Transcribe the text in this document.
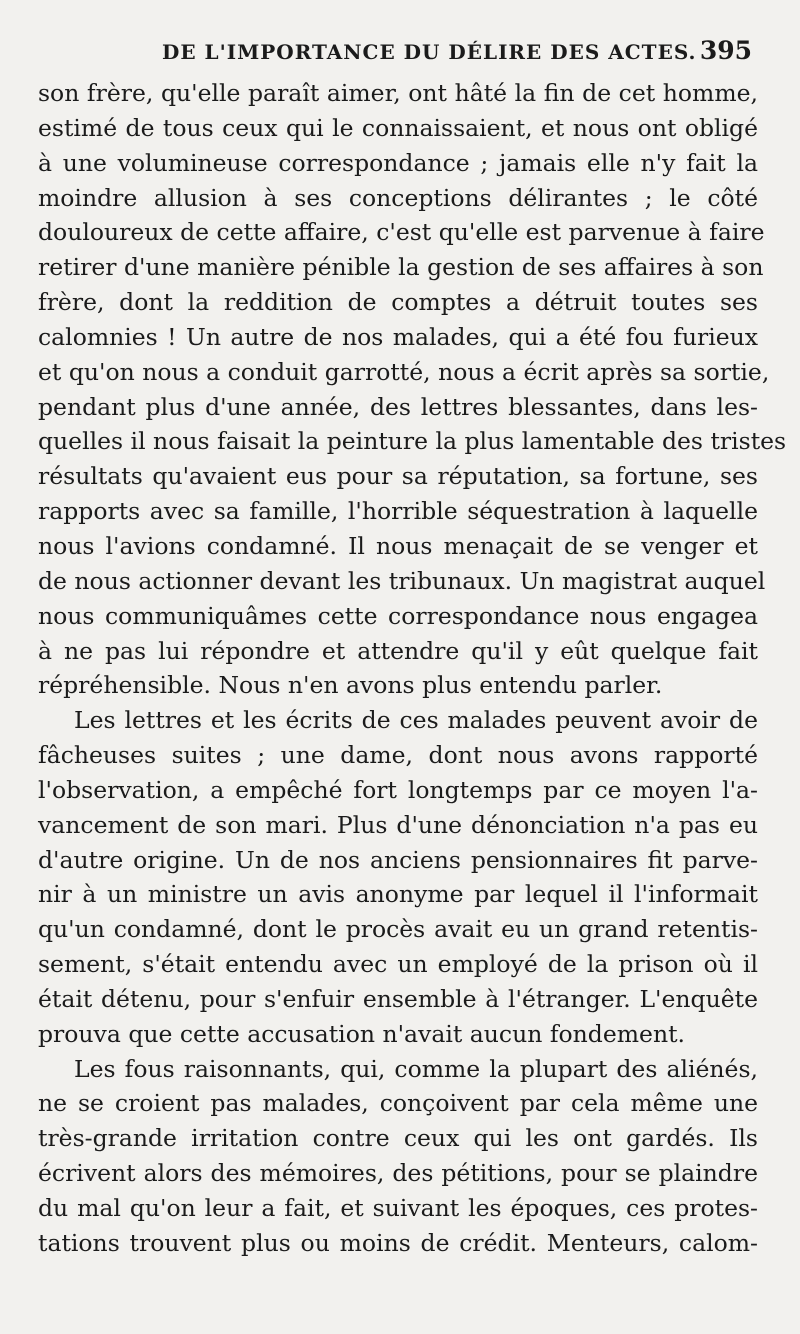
DE L'IMPORTANCE DU DÉLIRE DES ACTES. 395
son frère, qu'elle paraît aimer, ont hâté la fin de cet homme,
estimé de tous ceux qui le connaissaient, et nous ont obligé
à une volumineuse correspondance ; jamais elle n'y fait la
moindre allusion à ses conceptions délirantes ; le côté
douloureux de cette affaire, c'est qu'elle est parvenue à faire
retirer d'une manière pénible la gestion de ses affaires à son
frère, dont la reddition de comptes a détruit toutes ses
calomnies ! Un autre de nos malades, qui a été fou furieux
et qu'on nous a conduit garrotté, nous a écrit après sa sortie,
pendant plus d'une année, des lettres blessantes, dans les-
quelles il nous faisait la peinture la plus lamentable des tristes
résultats qu'avaient eus pour sa réputation, sa fortune, ses
rapports avec sa famille, l'horrible séquestration à laquelle
nous l'avions condamné. Il nous menaçait de se venger et
de nous actionner devant les tribunaux. Un magistrat auquel
nous communiquâmes cette correspondance nous engagea
à ne pas lui répondre et attendre qu'il y eût quelque fait
répréhensible. Nous n'en avons plus entendu parler.
Les lettres et les écrits de ces malades peuvent avoir de
fâcheuses suites ; une dame, dont nous avons rapporté
l'observation, a empêché fort longtemps par ce moyen l'a-
vancement de son mari. Plus d'une dénonciation n'a pas eu
d'autre origine. Un de nos anciens pensionnaires fit parve-
nir à un ministre un avis anonyme par lequel il l'informait
qu'un condamné, dont le procès avait eu un grand retentis-
sement, s'était entendu avec un employé de la prison où il
était détenu, pour s'enfuir ensemble à l'étranger. L'enquête
prouva que cette accusation n'avait aucun fondement.
Les fous raisonnants, qui, comme la plupart des aliénés,
ne se croient pas malades, conçoivent par cela même une
très-grande irritation contre ceux qui les ont gardés. Ils
écrivent alors des mémoires, des pétitions, pour se plaindre
du mal qu'on leur a fait, et suivant les époques, ces protes-
tations trouvent plus ou moins de crédit. Menteurs, calom-
